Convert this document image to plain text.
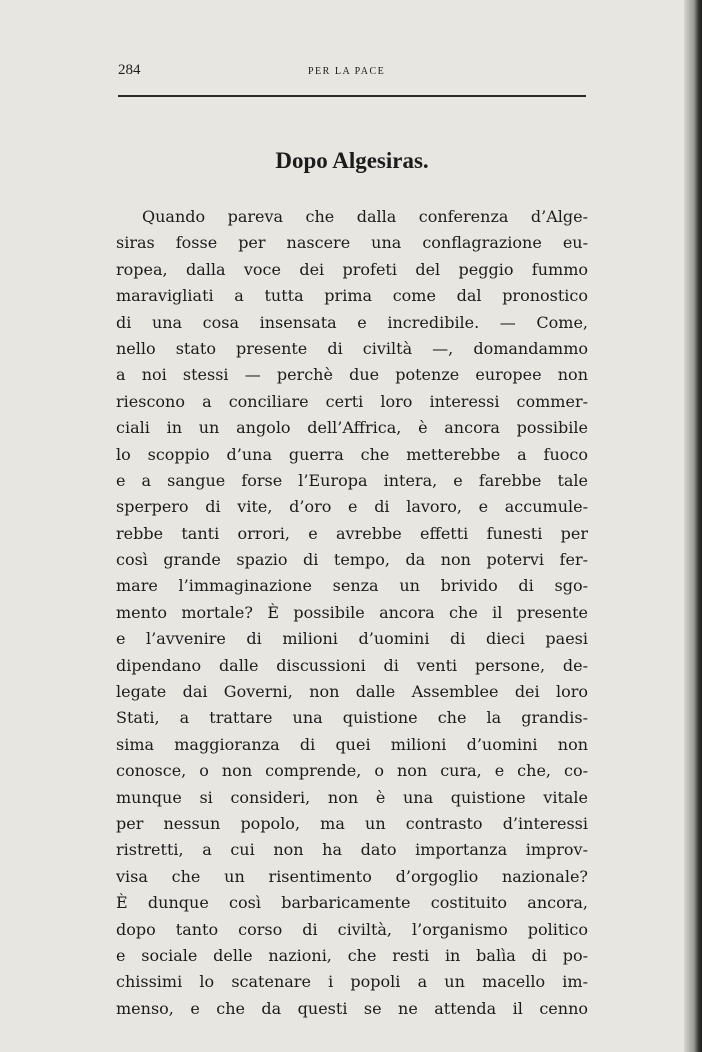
284	PER LA PACE
Dopo Algesiras.
Quando pareva che dalla conferenza d’Alge-
siras fosse per nascere una conflagrazione eu-
ropea, dalla voce dei profeti del peggio fummo
maravigliati a tutta prima come dal pronostico
di una cosa insensata e incredibile. — Come,
nello stato presente di civiltà —, domandammo
a noi stessi — perchè due potenze europee non
riescono a conciliare certi loro interessi commer-
ciali in un angolo dell’Affrica, è ancora possibile
lo scoppio d’una guerra che metterebbe a fuoco
e a sangue forse l’Europa intera, e farebbe tale
sperpero di vite, d’oro e di lavoro, e accumule-
rebbe tanti orrori, e avrebbe effetti funesti per
così grande spazio di tempo, da non potervi fer-
mare l’immaginazione senza un brivido di sgo-
mento mortale? È possibile ancora che il presente
e l’avvenire di milioni d’uomini di dieci paesi
dipendano dalle discussioni di venti persone, de-
legate dai Governi, non dalle Assemblee dei loro
Stati, a trattare una quistione che la grandis-
sima maggioranza di quei milioni d’uomini non
conosce, o non comprende, o non cura, e che, co-
munque si consideri, non è una quistione vitale
per nessun popolo, ma un contrasto d’interessi
ristretti, a cui non ha dato importanza improv-
visa che un risentimento d’orgoglio nazionale?
È dunque così barbaricamente costituito ancora,
dopo tanto corso di civiltà, l’organismo politico
e sociale delle nazioni, che resti in balìa di po-
chissimi lo scatenare i popoli a un macello im-
menso, e che da questi se ne attenda il cenno
